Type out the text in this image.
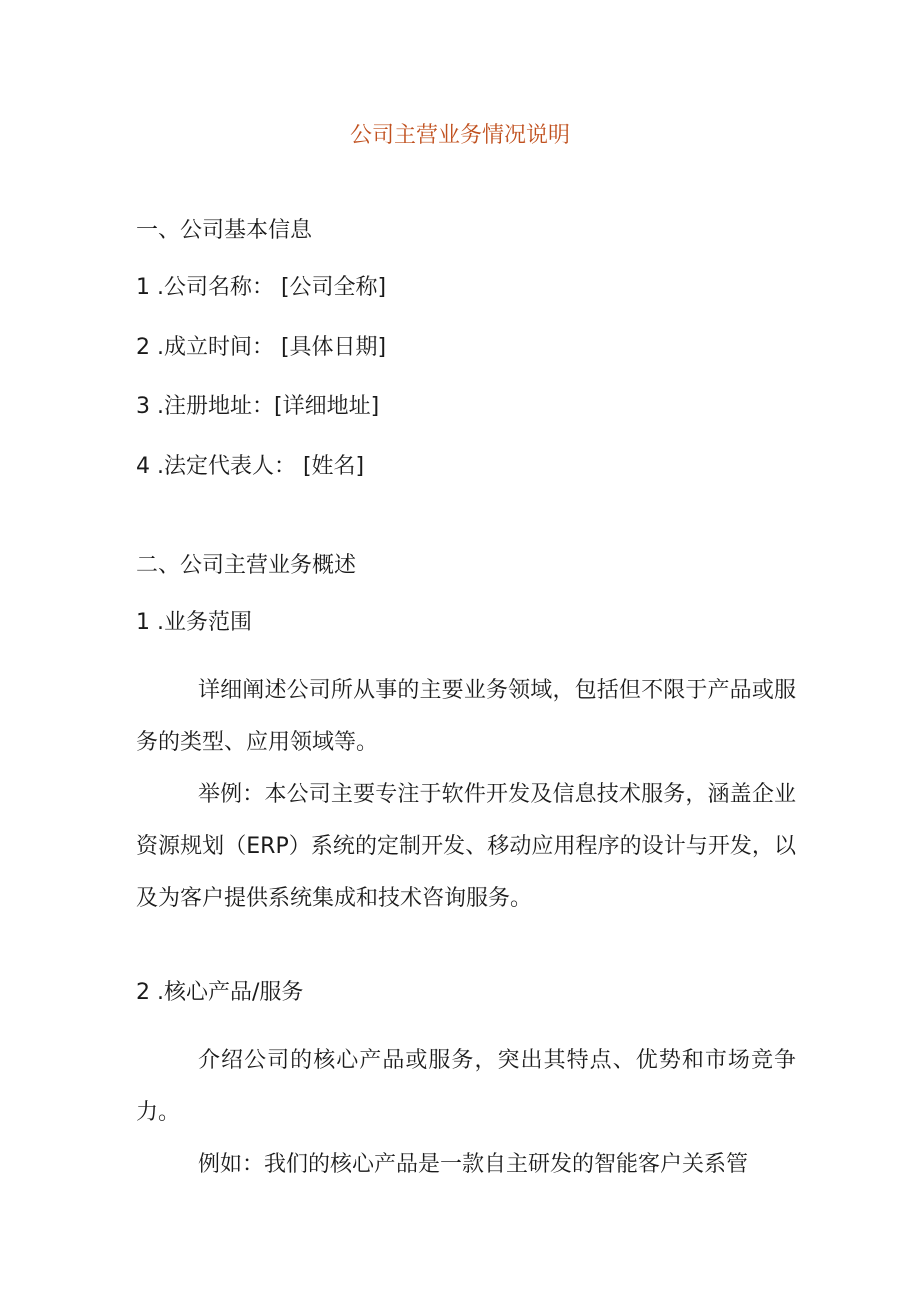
公司主营业务情况说明
一、公司基本信息
1 .公司名称： [公司全称]
2 .成立时间： [具体日期]
3 .注册地址：[详细地址]
4 .法定代表人： [姓名]
二、公司主营业务概述
1 .业务范围
详细阐述公司所从事的主要业务领域，包括但不限于产品或服务的类型、应用领域等。
举例：本公司主要专注于软件开发及信息技术服务，涵盖企业资源规划（ERP）系统的定制开发、移动应用程序的设计与开发，以及为客户提供系统集成和技术咨询服务。
2 .核心产品/服务
介绍公司的核心产品或服务，突出其特点、优势和市场竞争力。
例如：我们的核心产品是一款自主研发的智能客户关系管
